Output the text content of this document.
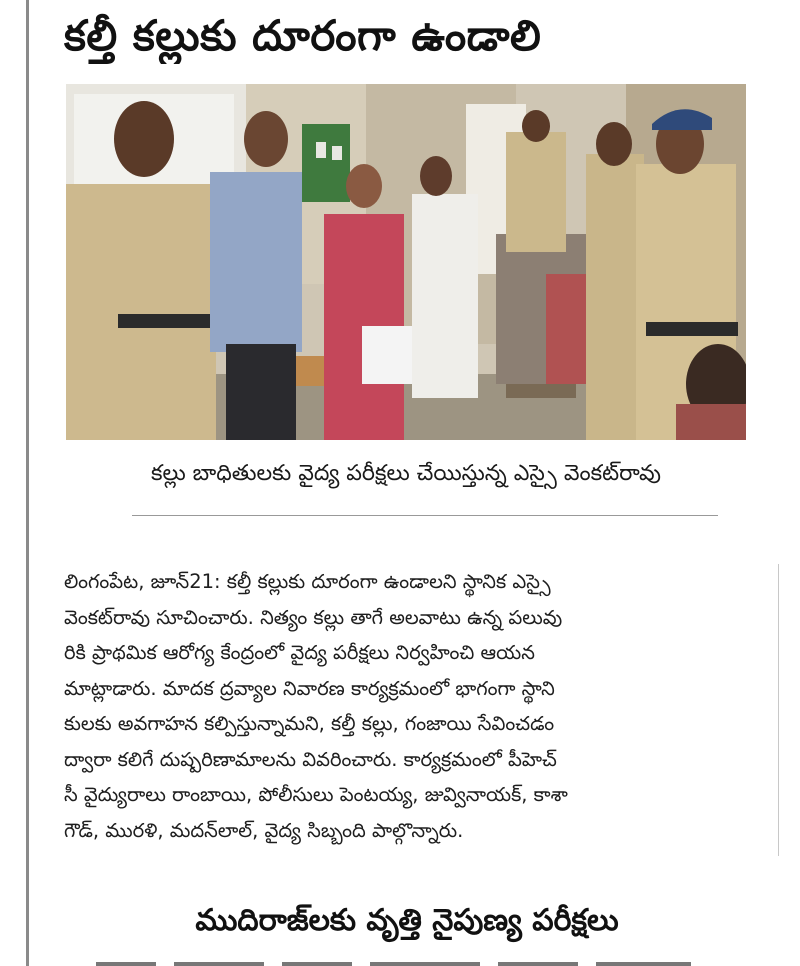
కల్తీ కల్లుకు దూరంగా ఉండాలి
కల్లు బాధితులకు వైద్య పరీక్షలు చేయిస్తున్న ఎస్సై వెంకట్‌రావు
లింగంపేట, జూన్21: కల్తీ కల్లుకు దూరంగా ఉండాలని స్థానిక ఎస్సై
వెంకట్‌రావు సూచించారు. నిత్యం కల్లు తాగే అలవాటు ఉన్న పలువు
రికి ప్రాథమిక ఆరోగ్య కేంద్రంలో వైద్య పరీక్షలు నిర్వహించి ఆయన
మాట్లాడారు. మాదక ద్రవ్యాల నివారణ కార్యక్రమంలో భాగంగా స్థాని
కులకు అవగాహన కల్పిస్తున్నామని, కల్తీ కల్లు, గంజాయి సేవించడం
ద్వారా కలిగే దుష్పరిణామాలను వివరించారు. కార్యక్రమంలో పీహెచ్
సీ వైద్యురాలు రాంబాయి, పోలీసులు పెంటయ్య, జువ్వినాయక్, కాశా
గౌడ్, మురళి, మదన్‌లాల్, వైద్య సిబ్బంది పాల్గొన్నారు.
ముదిరాజ్‌లకు వృత్తి నైపుణ్య పరీక్షలు
